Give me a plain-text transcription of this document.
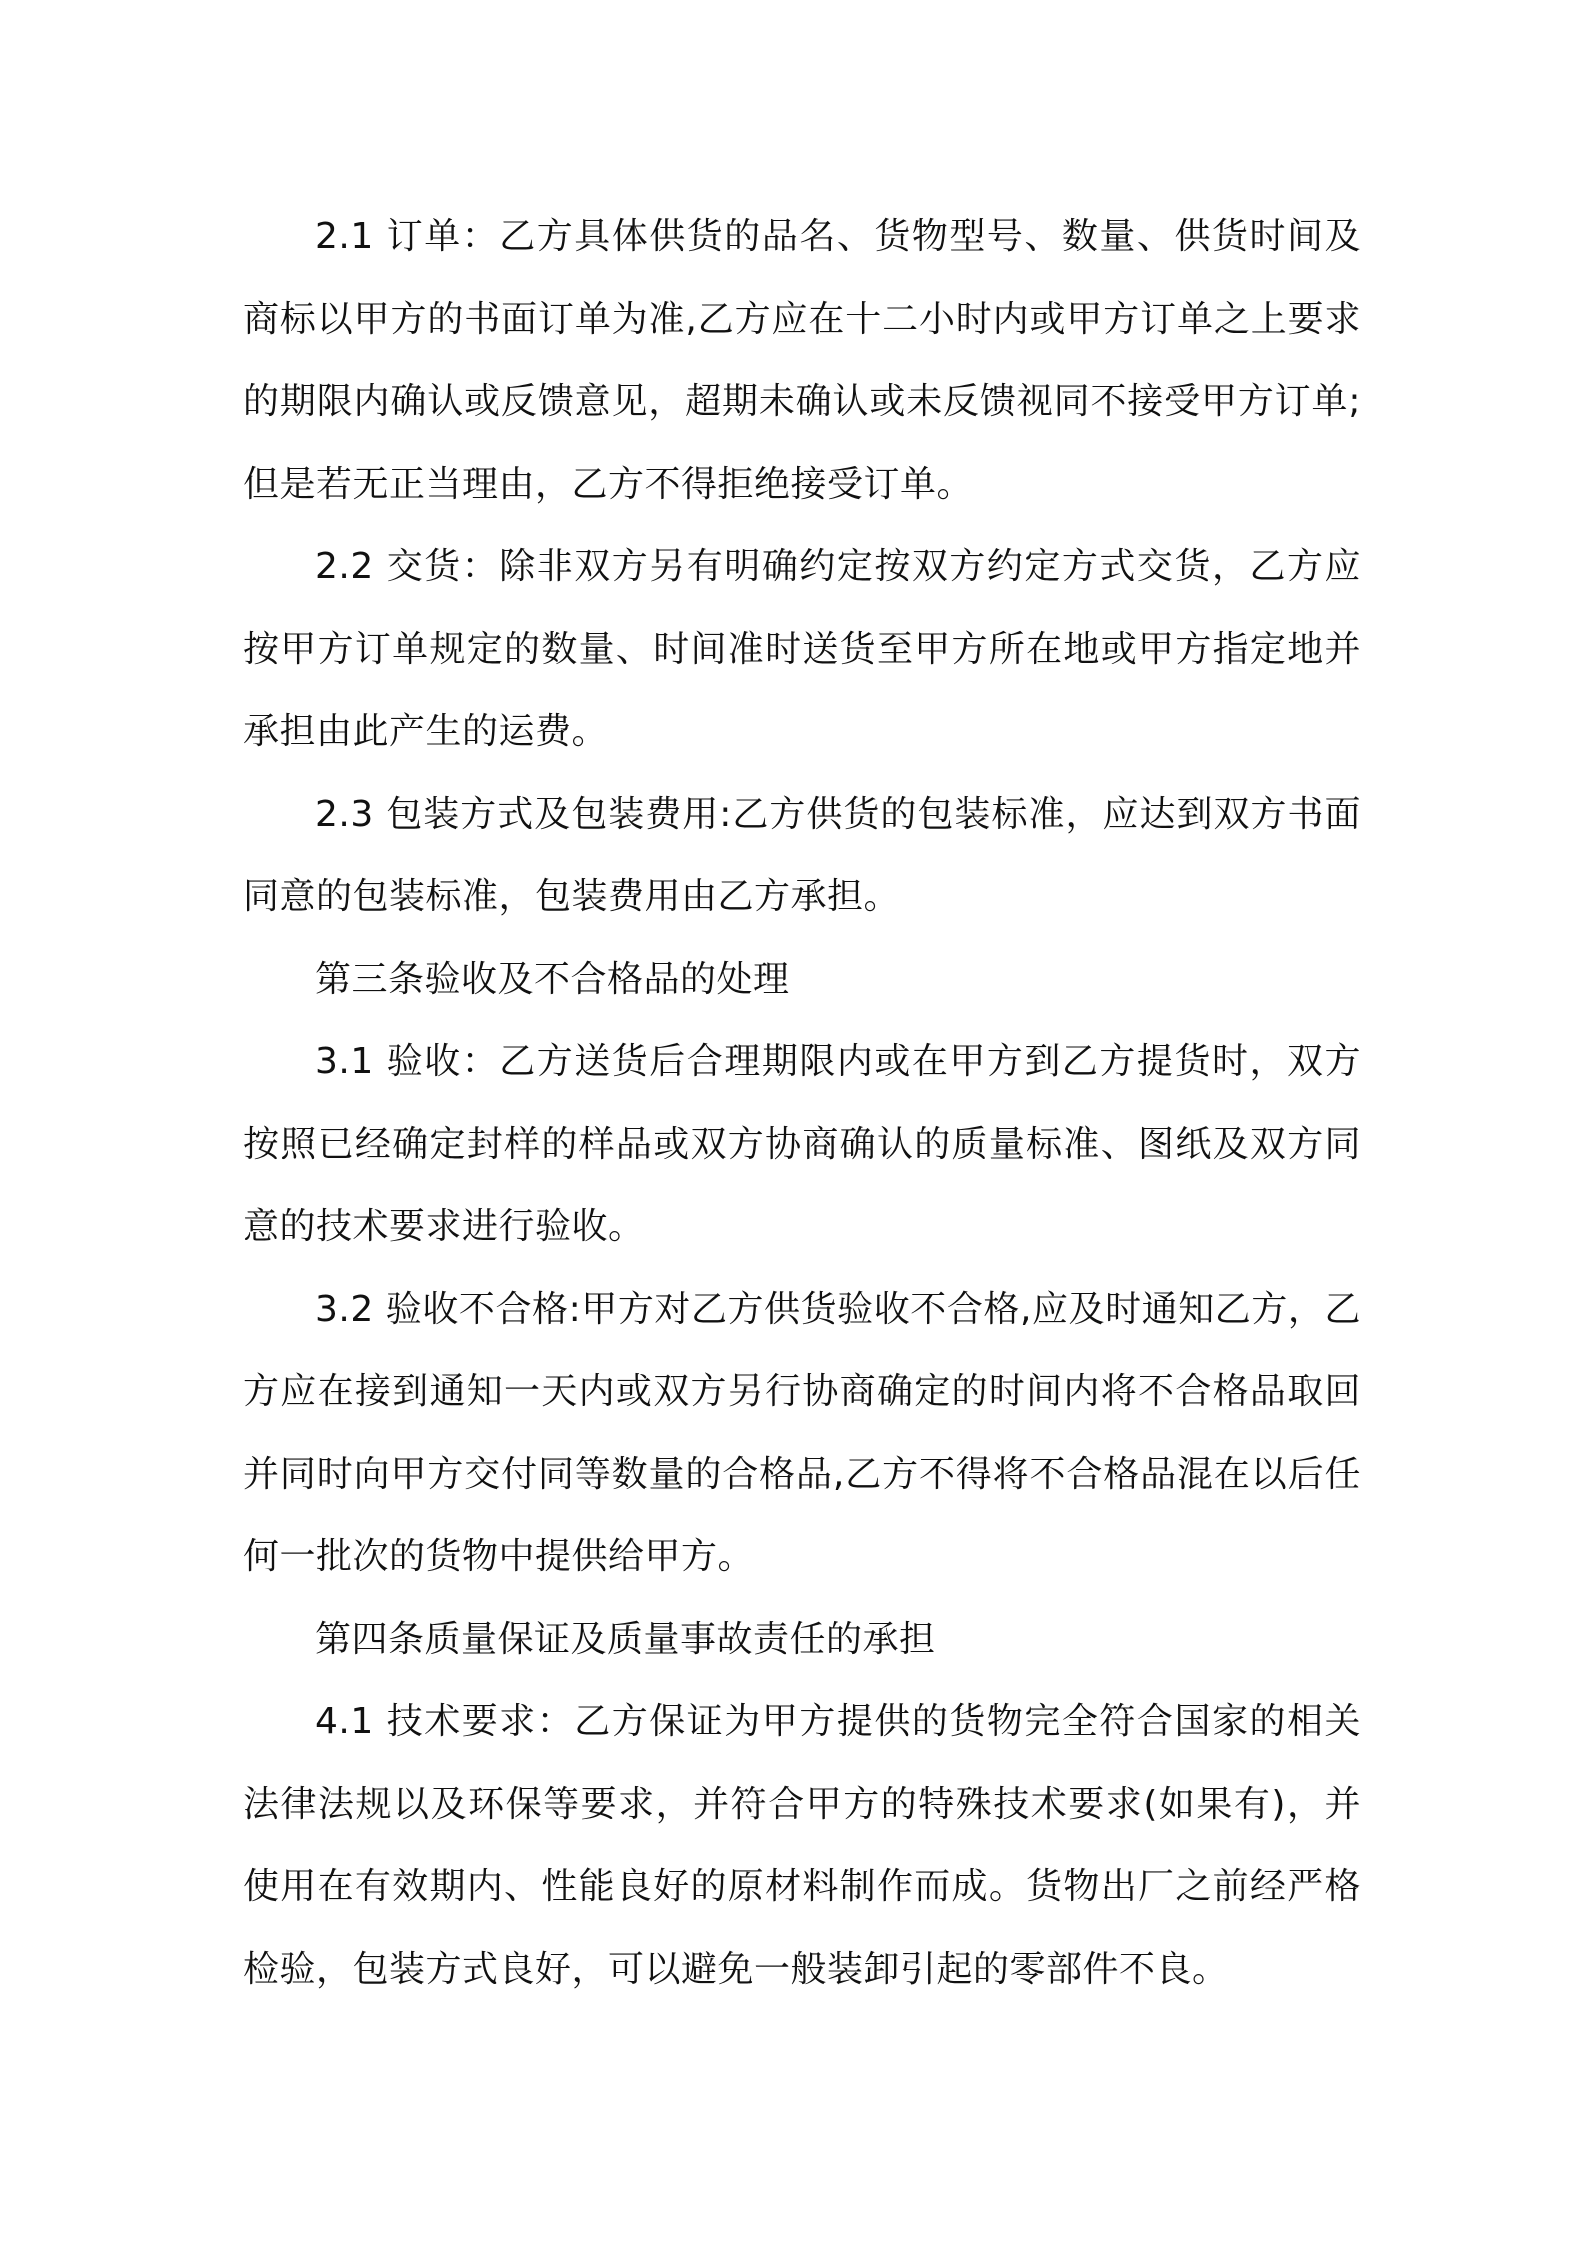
2.1 订单：乙方具体供货的品名、货物型号、数量、供货时间及商标以甲方的书面订单为准,乙方应在十二小时内或甲方订单之上要求的期限内确认或反馈意见，超期未确认或未反馈视同不接受甲方订单;但是若无正当理由，乙方不得拒绝接受订单。

2.2 交货：除非双方另有明确约定按双方约定方式交货，乙方应按甲方订单规定的数量、时间准时送货至甲方所在地或甲方指定地并承担由此产生的运费。

2.3 包装方式及包装费用:乙方供货的包装标准，应达到双方书面同意的包装标准，包装费用由乙方承担。

第三条验收及不合格品的处理

3.1 验收：乙方送货后合理期限内或在甲方到乙方提货时，双方按照已经确定封样的样品或双方协商确认的质量标准、图纸及双方同意的技术要求进行验收。

3.2 验收不合格:甲方对乙方供货验收不合格,应及时通知乙方，乙方应在接到通知一天内或双方另行协商确定的时间内将不合格品取回并同时向甲方交付同等数量的合格品,乙方不得将不合格品混在以后任何一批次的货物中提供给甲方。

第四条质量保证及质量事故责任的承担

4.1 技术要求：乙方保证为甲方提供的货物完全符合国家的相关法律法规以及环保等要求，并符合甲方的特殊技术要求(如果有)，并使用在有效期内、性能良好的原材料制作而成。货物出厂之前经严格检验，包装方式良好，可以避免一般装卸引起的零部件不良。
